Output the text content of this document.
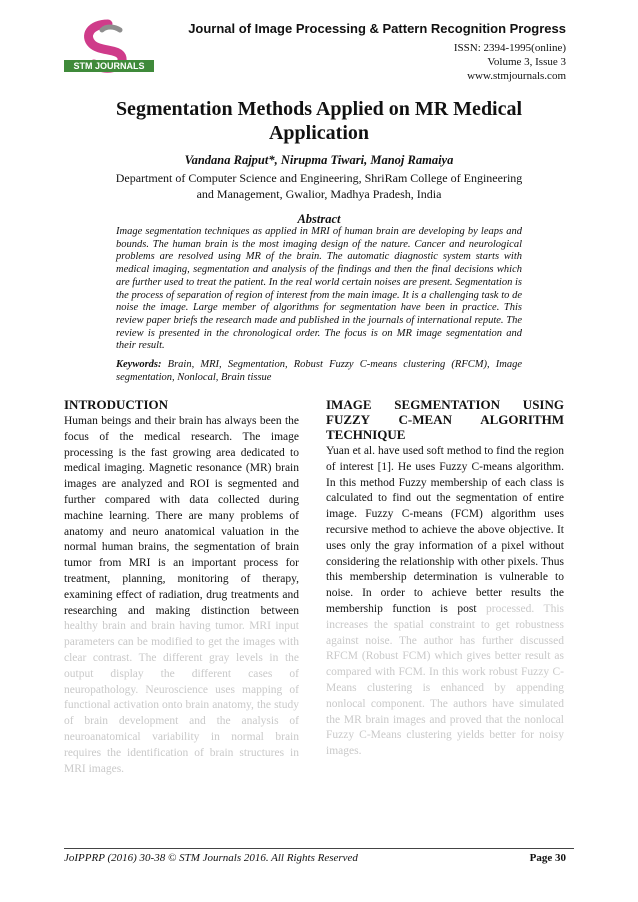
STM JOURNALS
Journal of Image Processing & Pattern Recognition Progress
ISSN: 2394-1995(online)
Volume 3, Issue 3
www.stmjournals.com
Segmentation Methods Applied on MR Medical
Application
Vandana Rajput*, Nirupma Tiwari, Manoj Ramaiya
Department of Computer Science and Engineering, ShriRam College of Engineering and Management, Gwalior, Madhya Pradesh, India
Abstract
Image segmentation techniques as applied in MRI of human brain are developing by leaps and bounds. The human brain is the most imaging design of the nature. Cancer and neurological problems are resolved using MR of the brain. The automatic diagnostic system starts with medical imaging, segmentation and analysis of the findings and then the final decisions which are further used to treat the patient. In the real world certain noises are present. Segmentation is the process of separation of region of interest from the main image. It is a challenging task to de noise the image. Large member of algorithms for segmentation have been in practice. This review paper briefs the research made and published in the journals of international repute. The review is presented in the chronological order. The focus is on MR image segmentation and their result.
Keywords: Brain, MRI, Segmentation, Robust Fuzzy C-means clustering (RFCM), Image segmentation, Nonlocal, Brain tissue
INTRODUCTION
Human beings and their brain has always been the focus of the medical research. The image processing is the fast growing area dedicated to medical imaging. Magnetic resonance (MR) brain images are analyzed and ROI is segmented and further compared with data collected during machine learning. There are many problems of anatomy and neuro anatomical valuation in the normal human brains, the segmentation of brain tumor from MRI is an important process for treatment, planning, monitoring of therapy, examining effect of radiation, drug treatments and researching and making distinction between healthy brain and brain having tumor. MRI input parameters can be modified to get the images with clear contrast. The different gray levels in the output display the different cases of neuropathology. Neuroscience uses mapping of functional activation onto brain anatomy, the study of brain development and the analysis of neuroanatomical variability in normal brain requires the identification of brain structures in MRI images.
IMAGE SEGMENTATION USING FUZZY C-MEAN ALGORITHM TECHNIQUE
Yuan et al. have used soft method to find the region of interest [1]. He uses Fuzzy C-means algorithm. In this method Fuzzy membership of each class is calculated to find out the segmentation of entire image. Fuzzy C-means (FCM) algorithm uses recursive method to achieve the above objective. It uses only the gray information of a pixel without considering the relationship with other pixels. Thus this membership determination is vulnerable to noise. In order to achieve better results the membership function is post processed. This increases the spatial constraint to get robustness against noise. The author has further discussed RFCM (Robust FCM) which gives better result as compared with FCM. In this work robust Fuzzy C-Means clustering is enhanced by appending nonlocal component. The authors have simulated the MR brain images and proved that the nonlocal Fuzzy C-Means clustering yields better for noisy images.
JoIPPRP (2016) 30-38 © STM Journals 2016. All Rights Reserved	Page 30
